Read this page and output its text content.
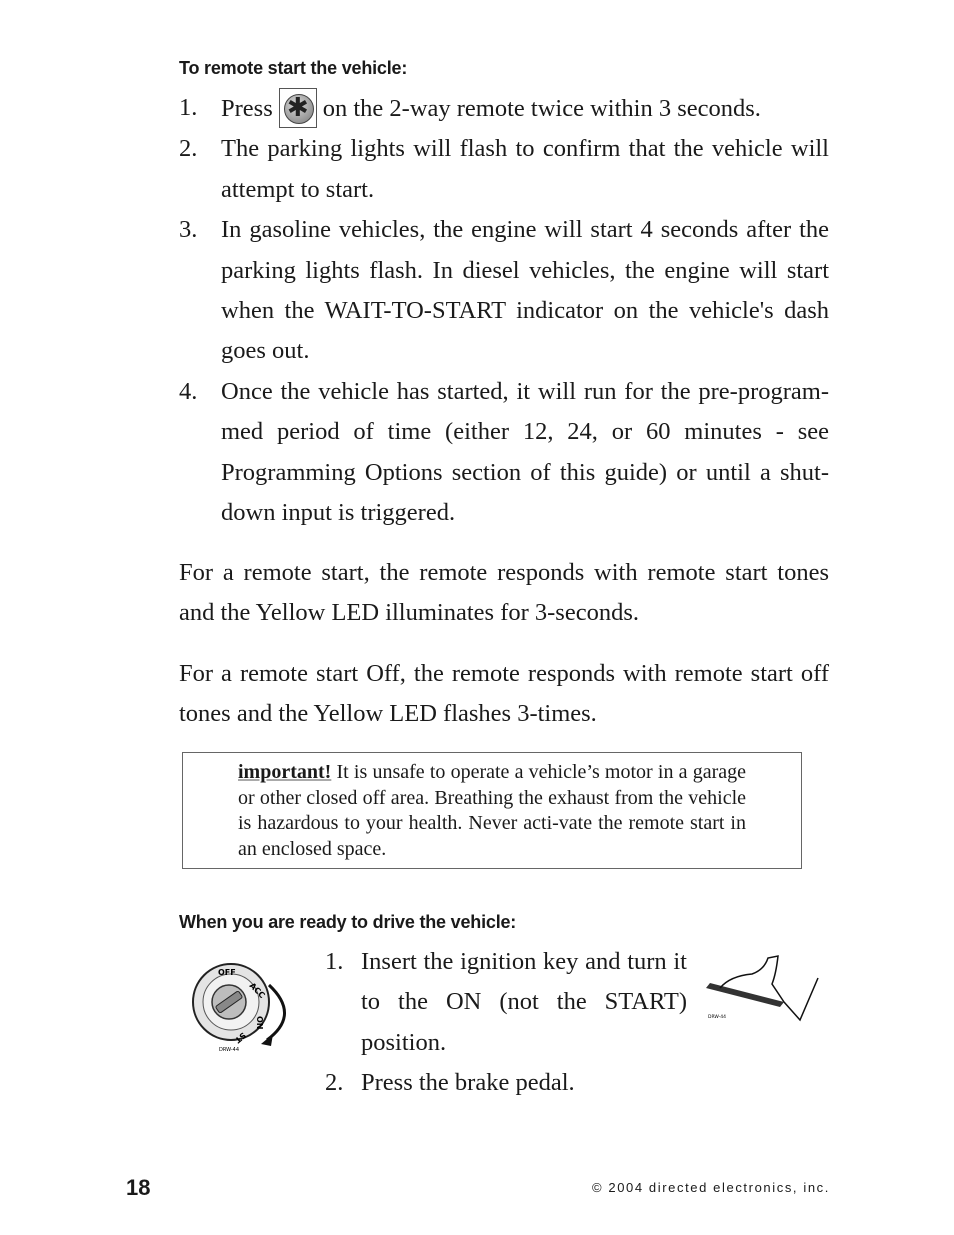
To remote start the vehicle:
1. Press ✱ on the 2-way remote twice within 3 seconds.
2. The parking lights will flash to confirm that the vehicle will attempt to start.
3. In gasoline vehicles, the engine will start 4 seconds after the parking lights flash. In diesel vehicles, the engine will start when the WAIT-TO-START indicator on the vehicle's dash goes out.
4. Once the vehicle has started, it will run for the pre-program-med period of time (either 12, 24, or 60 minutes - see Programming Options section of this guide) or until a shut-down input is triggered.

For a remote start, the remote responds with remote start tones and the Yellow LED illuminates for 3-seconds.

For a remote start Off, the remote responds with remote start off tones and the Yellow LED flashes 3-times.

important! It is unsafe to operate a vehicle’s motor in a garage or other closed off area. Breathing the exhaust from the vehicle is hazardous to your health. Never acti-vate the remote start in an enclosed space.
When you are ready to drive the vehicle:
OFF
ACC
ON
ST
DRW-44
1. Insert the ignition key and turn it to the ON (not the START) position.
2. Press the brake pedal.
DRW-44
18	© 2004 directed electronics, inc.
